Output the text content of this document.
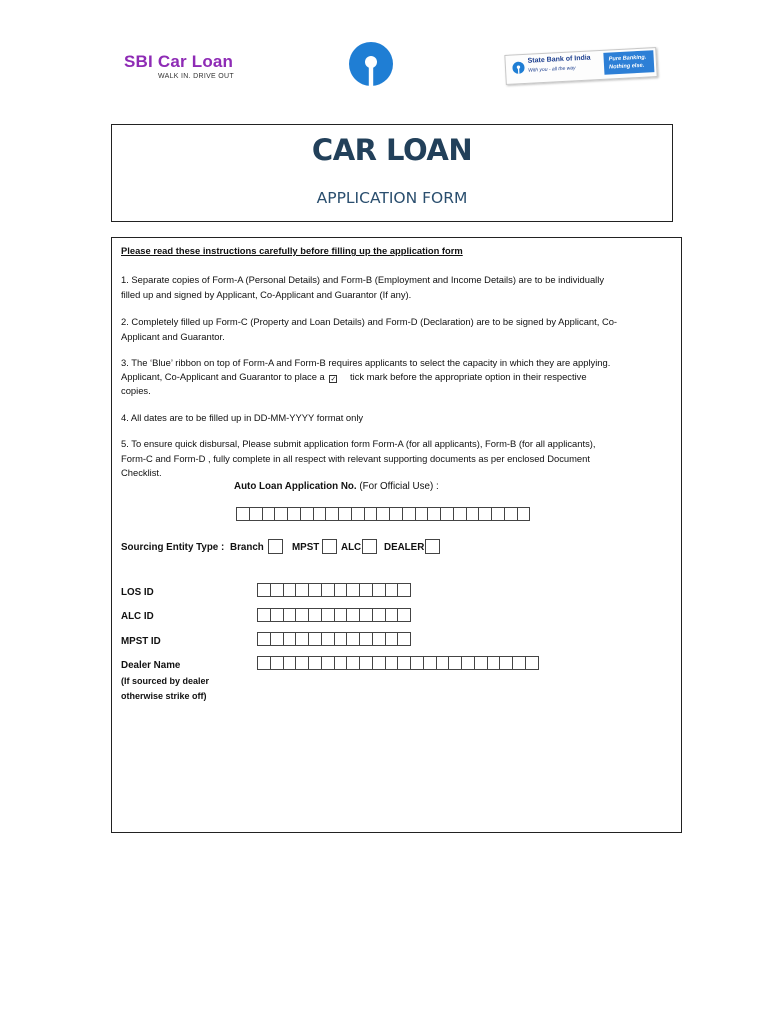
SBI Car Loan
WALK IN. DRIVE OUT
State Bank of India
With you - all the way
Pure Banking.
Nothing else.
CAR LOAN
APPLICATION FORM
Please read these instructions carefully before filling up the application form
1. Separate copies of Form-A (Personal Details) and Form-B (Employment and Income Details) are to be individually
filled up and signed by Applicant, Co-Applicant and Guarantor (If any).
2. Completely filled up Form-C (Property and Loan Details) and Form-D (Declaration) are to be signed by Applicant, Co-
Applicant and Guarantor.
3. The ‘Blue’ ribbon on top of Form-A and Form-B requires applicants to select the capacity in which they are applying.
Applicant, Co-Applicant and Guarantor to place a ✓ tick mark before the appropriate option in their respective
copies.
4. All dates are to be filled up in DD-MM-YYYY format only
5. To ensure quick disbursal, Please submit application form Form-A (for all applicants), Form-B (for all applicants),
Form-C and Form-D , fully complete in all respect with relevant supporting documents as per enclosed Document
Checklist.
Auto Loan Application No. (For Official Use) :
Sourcing Entity Type : Branch	MPST ALC DEALER
LOS ID
ALC ID
MPST ID
Dealer Name
(If sourced by dealer
otherwise strike off)
